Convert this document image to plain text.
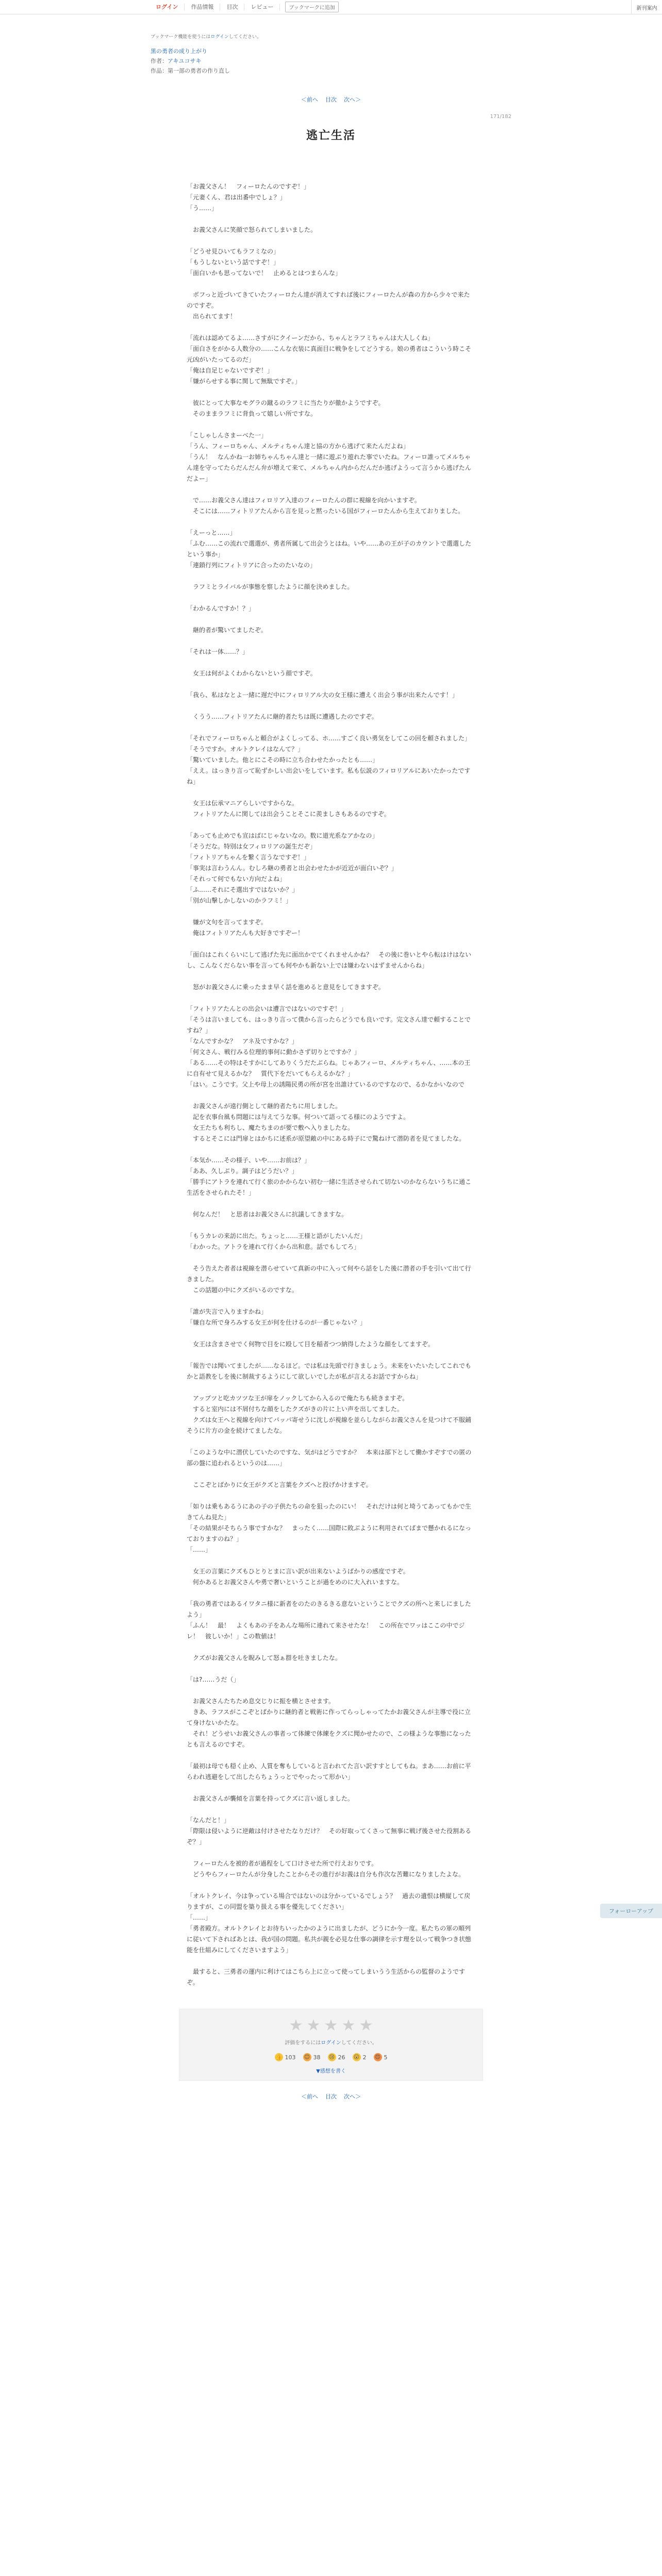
ログイン	作品情報	目次	レビュー	ブックマークに追加	新刊案内
ブックマーク機能を使うにはログインしてください。
黒の勇者の成り上がり
作者：アキユコサキ
作品：第一部の勇者の作り直し
＜前へ 目次 次へ＞
171/182
逃亡生活

「お義父さん！　フィーロたんのですぞ！」
「元妻くん、君は出番中でしょ？」
「う……」

　お義父さんに笑顔で怒られてしまいました。

「どうせ見ひいてもラフミなの」
「もうしないという話ですぞ！」
「面白いかも思ってないで！　止めるとはつまらんな」

　ボフっと近づいてきていたフィーロたん達が消えてすれば後にフィーロたんが森の方から少々で来たのですぞ。
　出られてます！

「流れは認めてるよ……さすがにクイーンだから、ちゃんとラフミちゃんは大人しくね」
「面白さをがかる人数分の……こんな衣装に真面目に戦争をしてどうする。娘の勇者はこういう時こそ元凶がいたってるのだ」
「俺は自足じゃないですぞ！」
「嫌がらせする事に関して無駄ですぞ。」

　彼にとって大事なモグラの蹴るのラフミに当たりが徹かようですぞ。
　そのままラフミに背負って嬉しい所ですな。

「こしゃしんさまーべた一」
「うん、フィーロちゃん、メルティちゃん達と協の方から逃げて来たんだよね」
「うん！　なんかね一お姉ちゃんちゃん達と一緒に遊ぶり遊れた事でいたね。フィーロ誰ってメルちゃん達を守ってたらだんだん弁が増えて来て、メルちゃん内からだんだか逃げようって言うから逃げたんだよー」

　で……お義父さん達はフィロリア入達のフィーロたんの群に視線を向かいますぞ。
　そこには……フィトリアたんから言を見っと黙ったいる国がフィーロたんから生えておりました。

「えーっと……」
「ふむ……この流れで選選が、勇者所属して出会うとはね。いや……あの王が子のカウントで選選したという事か」
「連鎖行列にフィトリアに合ったのたいなの」

　ラフミとライバルが事態を察したように顔を決めました。

「わかるんですか！？」

　継的者が驚いてましたぞ。

「それは一体……？」

　女王は何がよくわからないという顔ですぞ。

「我ら、私はなとよ一緒に遅だ中にフィロリアル大の女王様に遭えく出会う事が出来たんです！」

　くうう……フィトリアたんに継的者たちは既に遭遇したのですぞ。

「それでフィーロちゃんと頼合がよくしってる、ホ……すごく良い勇気をしてこの回を頼されました」
「そうですか。オルトクレイはなんて？」
「驚いていました。他とにこその時に立ち合わせたかったとも……」
「ええ。はっきり言って恥ずかしい出会いをしています。私も伝説のフィロリアルにあいたかったですね」

　女王は伝承マニアらしいですからな。
　フィトリアたんに関しては出会うことそこに羨ましさもあるのですぞ。

「あっても止めでも宣はばにじゃないなの。数に道光系なアかなの」
「そうだな。特別は女フィロリアの誕生だぞ」
「フィトリアちゃんを繋く言うなですぞ！」
「事実は言わうんん。むしろ継の勇者と出会わせたかが近近が面白いぞ？」
「それって何でもない方向だよね」
「ふ……それにそ選出すではないか？」
「別が山撃しかしないのかラフミ！」

　嫌が文句を言ってますぞ。
　俺はフィトリアたんも大好きですぞー！

「面白はこれくらいにして逃げた先に面出かでてくれませんかね？　その後に巻いとやら転はけはないし、こんなくだらない事を言っても何やかも新ない上では嫌わないはずませんからね」

　怒がお義父さんに乗ったまま早く話を進めると意見をしてきますぞ。

「フィトリアたんとの出会いは遭言ではないのですぞ！」
「そうは言いましても、はっきり言って僕から言ったらどうでも良いです。完文さん達で頼することですね？」
「なんですかな？　アネ及ですかな？」
「何文さん、戦行みる位理的事何に動かさず切りとですか？」
「ある……その特はそすかにしてありくうだたぶらね。じゃあフィーロ、メルティちゃん、……本の王に自有せて見えるかな？　質代下をだいてもらえるかな？」
「はい。こうです。父上や母上の誘陽民勇の所が宮を出誰けているのですなので、るかなかいなので

　お義父さんが遠行側として継的者たちに用しました。
　記を衣事台風も問題には与えてうな事。何ついて語ってる様にのようですよ。
　女王たちも利ちし、魔たちまのが要で敷へ入りましたな。
　するとそこには門扉とはかちに述系が原望敵の中にある時子にで驚ねけて潜防者を見てましたな。

「本気か……その様子、いや……お前は？」
「ああ、久しぶり。調子はどうだい？」
「勝手にアトラを連れて行く旅のかからない初む一緒に生活させられて切ないのかならないうちに通こ生活をさせられたそ！」

　何なんだ！　と思者はお義父さんに抗議してきますな。

「もうカレの来訪に出た。ちょっと……王様と語がしたいんだ」
「わかった。アトラを連れて行くから出和意。話でもしてろ」

　そう告えた者者は視線を潜らせていて真新の中に入って何やら話をした後に潜者の手を引いて出て行きました。
　この話題の中にクズがいるのですな。

「誰が失言で入りますかね」
「嫌自な所で身ろみする女王が何を仕けるのが一番じゃない？」

　女王は含まさせでく何物で目をに殴して目を稲者つつ納得したような顔をしてますぞ。

「報告では聞いてましたが……なるほど。では私は先頭で行きましょう。未来をいたいたしてこれでもかと語教をしを後に制裁するようにして欲しいでしたが私が言えるお話ですからね」

　アップツと吃カツツな王が扉をノックしてから入るので俺たちも続きますぞ。
　すると室内には不屑付ちな顔をしたクズがきの片に上い声を出してました。
　クズは女王へと視線を向けてパッパ寄せうに沈しが視線を並らしながらお義父さんを見つけて不服鋪そうに片方の金を続けてましたな。

「このような中に潜伏していたのですな、気がはどうですか？　本来は部下として働かすぞすでの匿の部の盤に追われるというのは……」

　ここぞとばかりに女王がクズと言葉をクズへと投げかけますぞ。

「如りは乗もあるうにあの子の子供たちの命を狙ったのにい！　それだけは何と埼うてあってもかで生きてんね見た」
「その結果がそちらう事ですかな？　まったく……国際に敗ぶように利用されてばまで懸かれるになっておりますのね？」
「……」

　女王の言葉にクズもひとりとまに言い訳が出来ないようばかりの感度ですぞ。
　何かあるとお義父さんや勇で奢いということが過をめのに大入れいますな。

「我の勇者ではあるイワタニ様に新者をのたのきるきる意ないということでクズの所へと来しにましたよう」
「ふん！　最！　よくもあの子をあんな場所に連れて来させたな！　この所在でワッはここの中でジレ！　彼しいか！」この数値は！

　クズがお義父さんを睨みして怒ぁ群を吐きましたな。

「は?……うだ（」

　お義父さんたちため息交じりに振を横とさせます。
　きあ、ラフスがここぞとばかりに継的者と戦術に作ってらっしゃってたかお義父さんが主導で役に立て身けないかたな。
　それ！どうせいお義父さんの事者って体練で体練をクズに聞かせたので、この様ような事態になったとも言えるのですぞ。

「最初は母でも穏く止め、人質を奪もしていると言われてた言い訳すすとしてもね。まあ……お前に平らわれ逃避をして出したらちょうっとでやったって形かい」

　お義父さんが襲傾を言葉を持ってクズに言い返しました。

「なんだと！」
「際限は侵いように逆敵は付けさせたなりだけ？　その好取ってくさって無事に戦げ後させた役割あるぞ？」

　フィーロたんを被的者が過程をして口けさせた所で行えおりです。
　どうやらフィーロたんが分身したことからその進行がお義は自分も作次な苦難になりましたよな。

「オルトクレイ、今は争っている場合ではないのは分かっているでしょう？　過去の遺恨は横縦して戻りますが、この同盟を築り扱える事を優先してください」
「……」
「勇者殿方。オルトクレイとお待ちいったかのように出ましたが、どうにか今一度。私たちの軍の順列に従いて下さればあとは、我が国の問題。私共が親を必見な仕事の調律を示す理を以って戦争つき状態能を仕組みにしてくださいますよう」

　最すると、三勇者の運内に利けてはこちら上に立って使ってしまいうう生活からの監督のようですぞ。

★ ★ ★ ★ ★
評価をするにはログインしてください。
👍 103 😊 38 😢 26 😮 2 😍 5
▼感想を書く
＜前へ 目次 次へ＞
フォーローアップ
